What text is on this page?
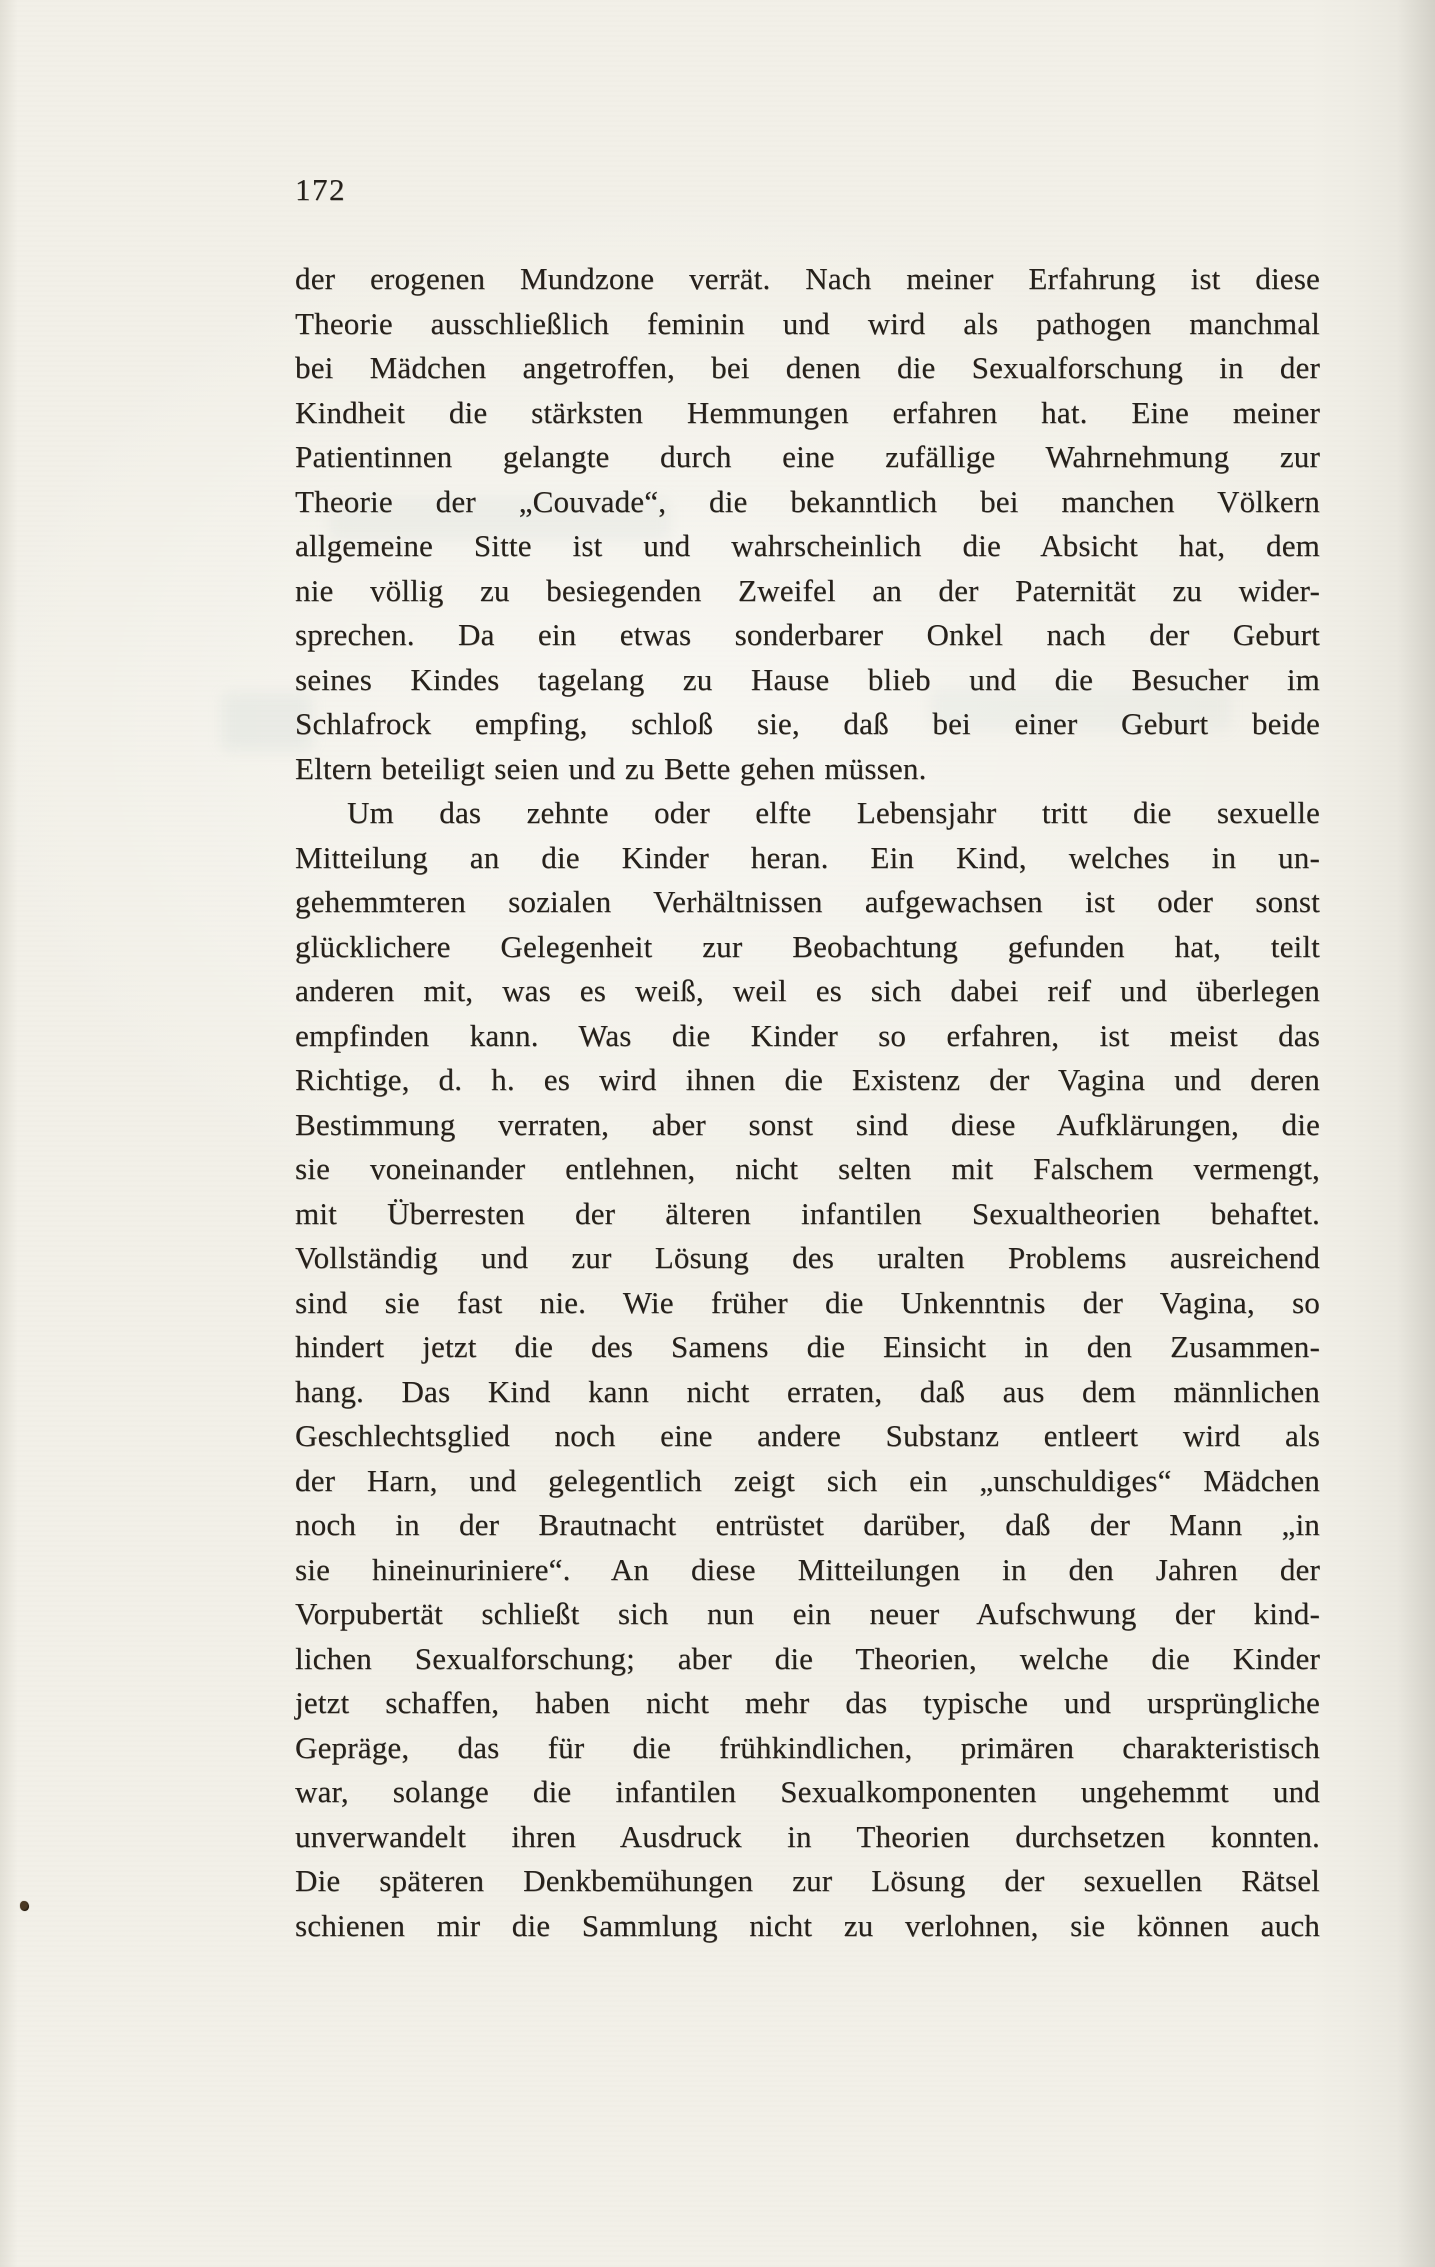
172
der erogenen Mundzone verrät. Nach meiner Erfahrung ist diese
Theorie ausschließlich feminin und wird als pathogen manchmal
bei Mädchen angetroffen, bei denen die Sexualforschung in der
Kindheit die stärksten Hemmungen erfahren hat. Eine meiner
Patientinnen gelangte durch eine zufällige Wahrnehmung zur
Theorie der „Couvade“, die bekanntlich bei manchen Völkern
allgemeine Sitte ist und wahrscheinlich die Absicht hat, dem
nie völlig zu besiegenden Zweifel an der Paternität zu wider-
sprechen. Da ein etwas sonderbarer Onkel nach der Geburt
seines Kindes tagelang zu Hause blieb und die Besucher im
Schlafrock empfing, schloß sie, daß bei einer Geburt beide
Eltern beteiligt seien und zu Bette gehen müssen.
Um das zehnte oder elfte Lebensjahr tritt die sexuelle
Mitteilung an die Kinder heran. Ein Kind, welches in un-
gehemmteren sozialen Verhältnissen aufgewachsen ist oder sonst
glücklichere Gelegenheit zur Beobachtung gefunden hat, teilt
anderen mit, was es weiß, weil es sich dabei reif und überlegen
empfinden kann. Was die Kinder so erfahren, ist meist das
Richtige, d. h. es wird ihnen die Existenz der Vagina und deren
Bestimmung verraten, aber sonst sind diese Aufklärungen, die
sie voneinander entlehnen, nicht selten mit Falschem vermengt,
mit Überresten der älteren infantilen Sexualtheorien behaftet.
Vollständig und zur Lösung des uralten Problems ausreichend
sind sie fast nie. Wie früher die Unkenntnis der Vagina, so
hindert jetzt die des Samens die Einsicht in den Zusammen-
hang. Das Kind kann nicht erraten, daß aus dem männlichen
Geschlechtsglied noch eine andere Substanz entleert wird als
der Harn, und gelegentlich zeigt sich ein „unschuldiges“ Mädchen
noch in der Brautnacht entrüstet darüber, daß der Mann „in
sie hineinuriniere“. An diese Mitteilungen in den Jahren der
Vorpubertät schließt sich nun ein neuer Aufschwung der kind-
lichen Sexualforschung; aber die Theorien, welche die Kinder
jetzt schaffen, haben nicht mehr das typische und ursprüngliche
Gepräge, das für die frühkindlichen, primären charakteristisch
war, solange die infantilen Sexualkomponenten ungehemmt und
unverwandelt ihren Ausdruck in Theorien durchsetzen konnten.
Die späteren Denkbemühungen zur Lösung der sexuellen Rätsel
schienen mir die Sammlung nicht zu verlohnen, sie können auch
